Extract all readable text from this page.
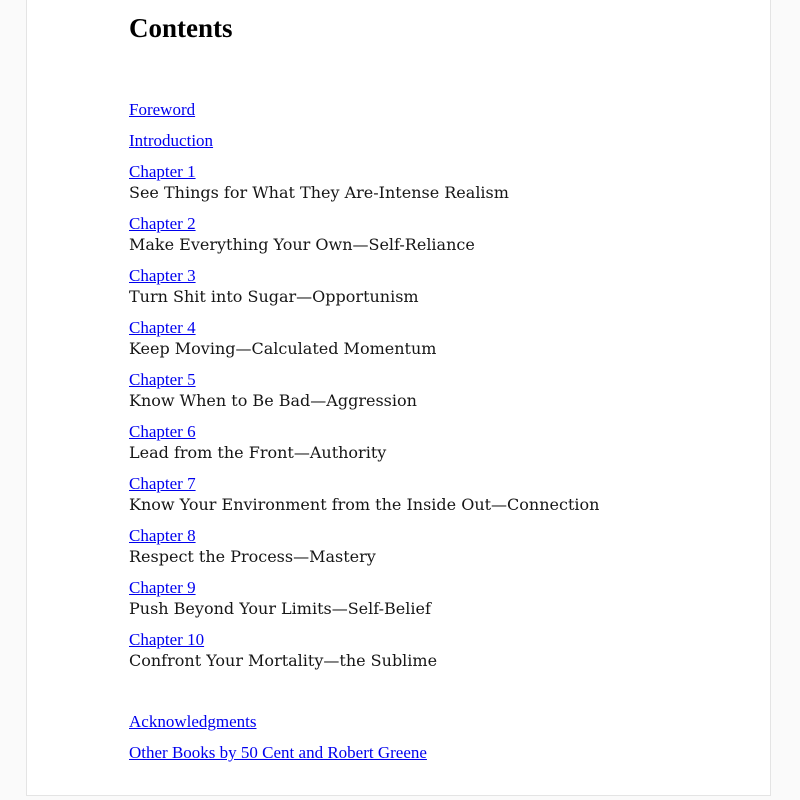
Contents

Foreword

Introduction

Chapter 1
See Things for What They Are-Intense Realism

Chapter 2
Make Everything Your Own—Self-Reliance

Chapter 3
Turn Shit into Sugar—Opportunism

Chapter 4
Keep Moving—Calculated Momentum

Chapter 5
Know When to Be Bad—Aggression

Chapter 6
Lead from the Front—Authority

Chapter 7
Know Your Environment from the Inside Out—Connection

Chapter 8
Respect the Process—Mastery

Chapter 9
Push Beyond Your Limits—Self-Belief

Chapter 10
Confront Your Mortality—the Sublime

Acknowledgments

Other Books by 50 Cent and Robert Greene
